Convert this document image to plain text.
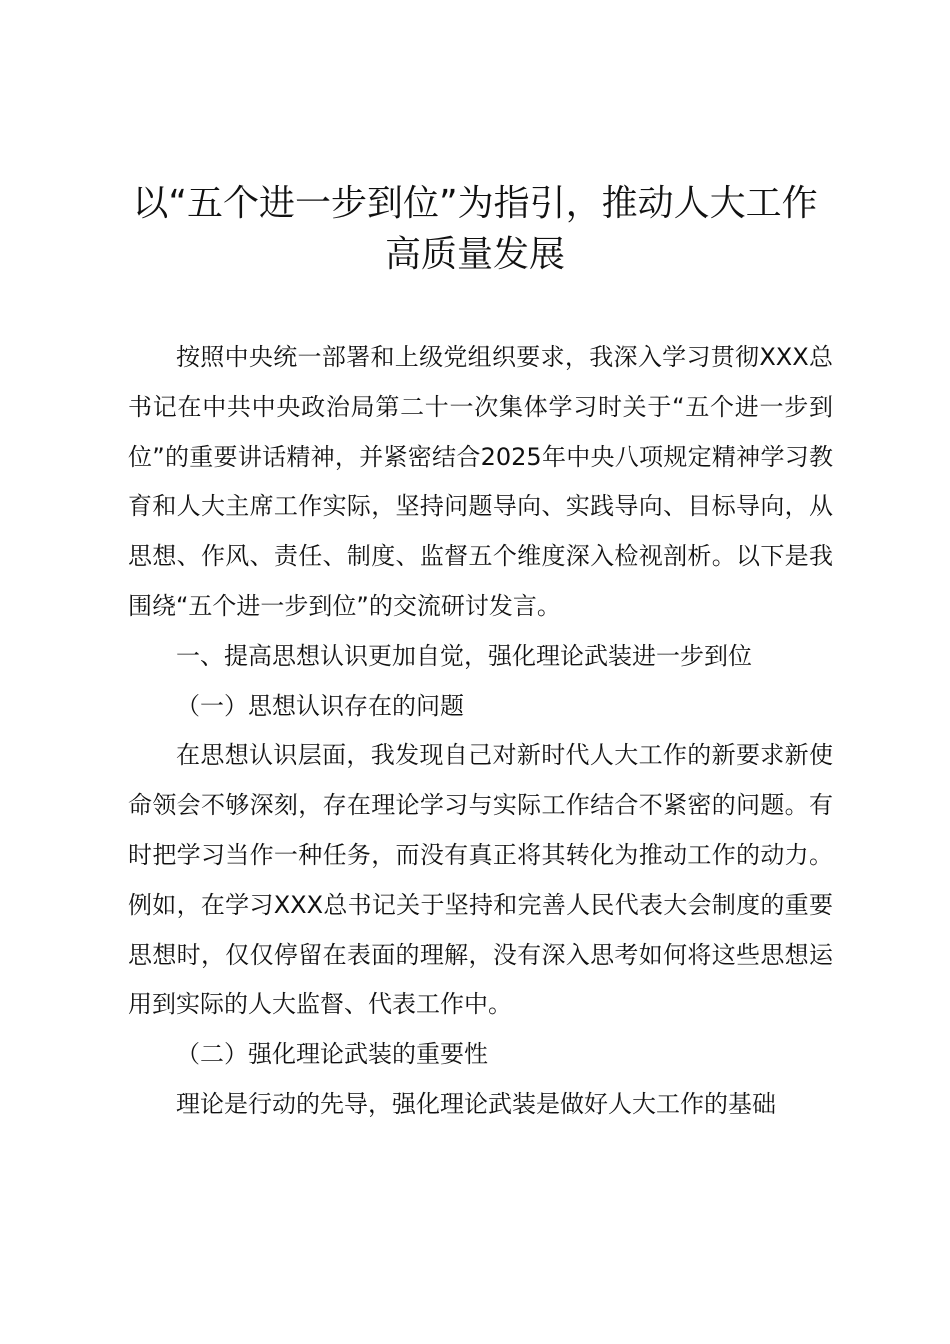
以“五个进一步到位”为指引，推动人大工作
高质量发展

按照中央统一部署和上级党组织要求，我深入学习贯彻XXX总书记在中共中央政治局第二十一次集体学习时关于“五个进一步到位”的重要讲话精神，并紧密结合2025年中央八项规定精神学习教育和人大主席工作实际，坚持问题导向、实践导向、目标导向，从思想、作风、责任、制度、监督五个维度深入检视剖析。以下是我围绕“五个进一步到位”的交流研讨发言。

一、提高思想认识更加自觉，强化理论武装进一步到位

（一）思想认识存在的问题

在思想认识层面，我发现自己对新时代人大工作的新要求新使命领会不够深刻，存在理论学习与实际工作结合不紧密的问题。有时把学习当作一种任务，而没有真正将其转化为推动工作的动力。例如，在学习XXX总书记关于坚持和完善人民代表大会制度的重要思想时，仅仅停留在表面的理解，没有深入思考如何将这些思想运用到实际的人大监督、代表工作中。

（二）强化理论武装的重要性

理论是行动的先导，强化理论武装是做好人大工作的基础
